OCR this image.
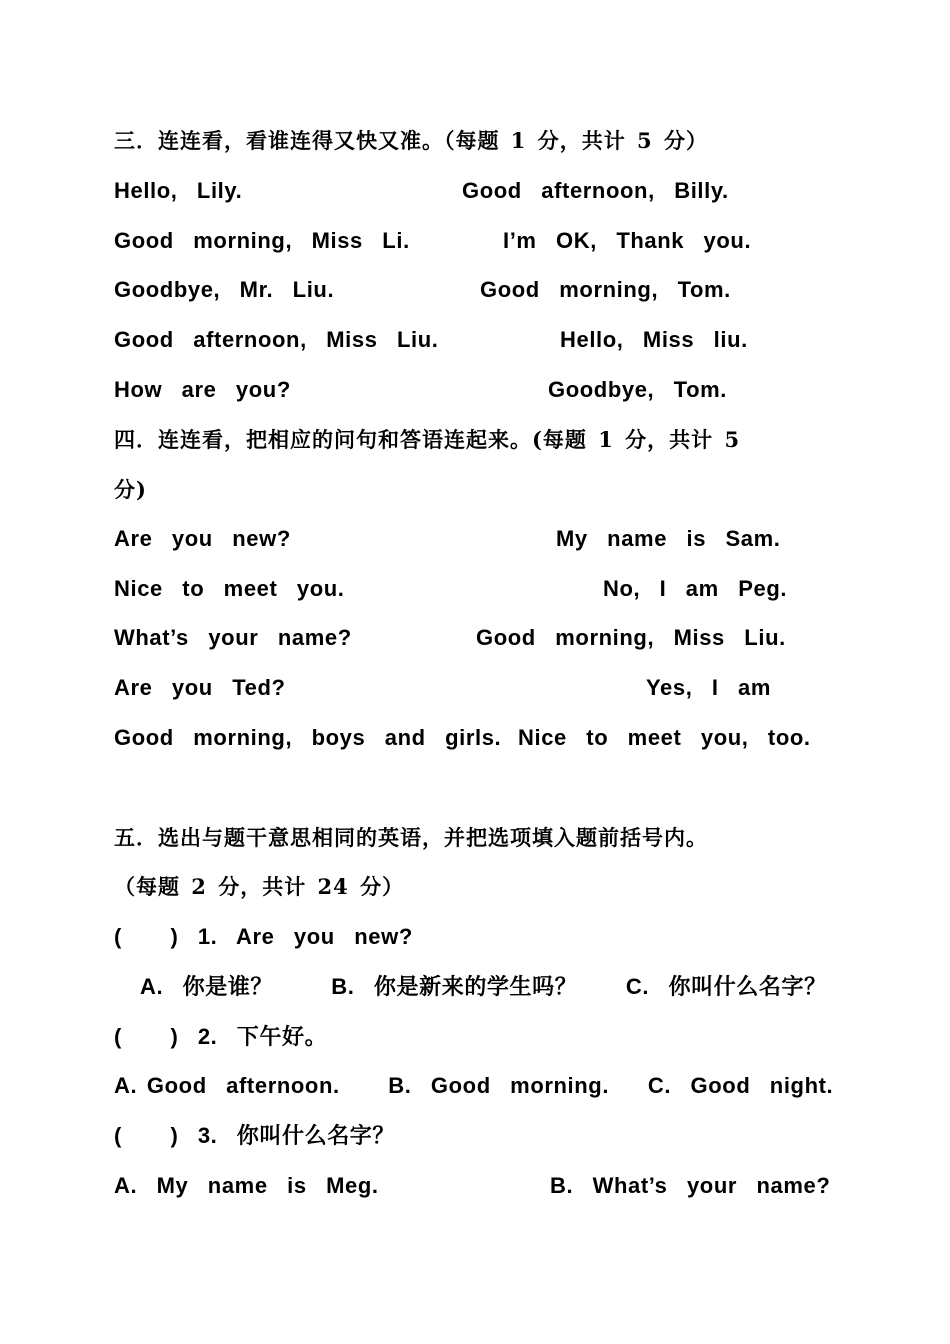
三．连连看，看谁连得又快又准。（每题 1 分，共计 5 分）
Hello,  Lily.	Good  afternoon,  Billy.
Good  morning,  Miss  Li.	I’m  OK,  Thank  you.
Goodbye,  Mr.  Liu.	Good  morning,  Tom.
Good  afternoon,  Miss  Liu.	Hello,  Miss  liu.
How  are  you?	Goodbye,  Tom.
四．连连看，把相应的问句和答语连起来。(每题 1 分，共计 5
分)
Are  you  new?	My  name  is  Sam.
Nice  to  meet  you.	No,  I  am  Peg.
What’s  your  name?	Good  morning,  Miss  Liu.
Are  you  Ted?	Yes,  I  am
Good  morning,  boys  and  girls. Nice  to  meet  you,  too.
五．选出与题干意思相同的英语，并把选项填入题前括号内。
（每题 2 分，共计 24 分）
(     )  1.  Are  you  new?
A.  你是谁？      B.  你是新来的学生吗？     C.  你叫什么名字？
(     )  2.  下午好。
A. Good  afternoon.     B.  Good  morning.    C.  Good  night.
(     )  3.  你叫什么名字？
A.  My  name  is  Meg.	B.  What’s  your  name?
